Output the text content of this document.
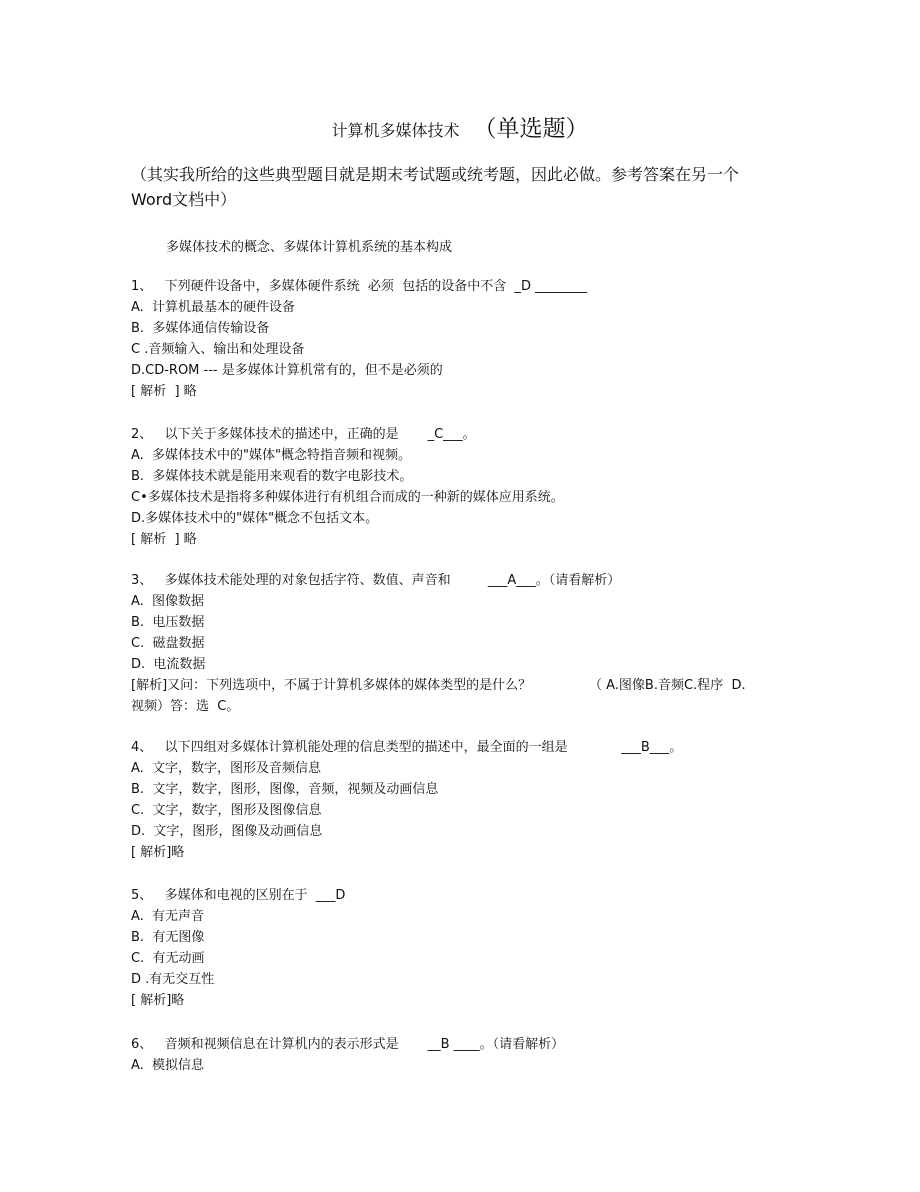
计算机多媒体技术 （单选题）
（其实我所给的这些典型题目就是期末考试题或统考题，因此必做。参考答案在另一个Word文档中）
多媒体技术的概念、多媒体计算机系统的基本构成
1、   下列硬件设备中，多媒体硬件系统  必须  包括的设备中不含  _D ________
A.  计算机最基本的硬件设备
B.  多媒体通信传输设备
C .音频输入、输出和处理设备
D.CD-ROM --- 是多媒体计算机常有的，但不是必须的
[ 解析  ] 略
2、   以下关于多媒体技术的描述中，正确的是       _C___。
A.  多媒体技术中的"媒体"概念特指音频和视频。
B.  多媒体技术就是能用来观看的数字电影技术。
C•多媒体技术是指将多种媒体进行有机组合而成的一种新的媒体应用系统。
D.多媒体技术中的"媒体"概念不包括文本。
[ 解析  ] 略
3、   多媒体技术能处理的对象包括字符、数值、声音和         ___A___。（请看解析）
A.  图像数据
B.  电压数据
C.  磁盘数据
D.  电流数据
[解析]又问：下列选项中，不属于计算机多媒体的媒体类型的是什么？              （ A.图像B.音频C.程序  D. 视频）答：选  C。
4、   以下四组对多媒体计算机能处理的信息类型的描述中，最全面的一组是             ___B___。
A.  文字，数字，图形及音频信息
B.  文字，数字，图形，图像，音频，视频及动画信息
C.  文字，数字，图形及图像信息
D.  文字，图形，图像及动画信息
[ 解析]略
5、   多媒体和电视的区别在于  ___D
A.  有无声音
B.  有无图像
C.  有无动画
D .有无交互性
[ 解析]略
6、   音频和视频信息在计算机内的表示形式是       __B ____。（请看解析）
A.  模拟信息
